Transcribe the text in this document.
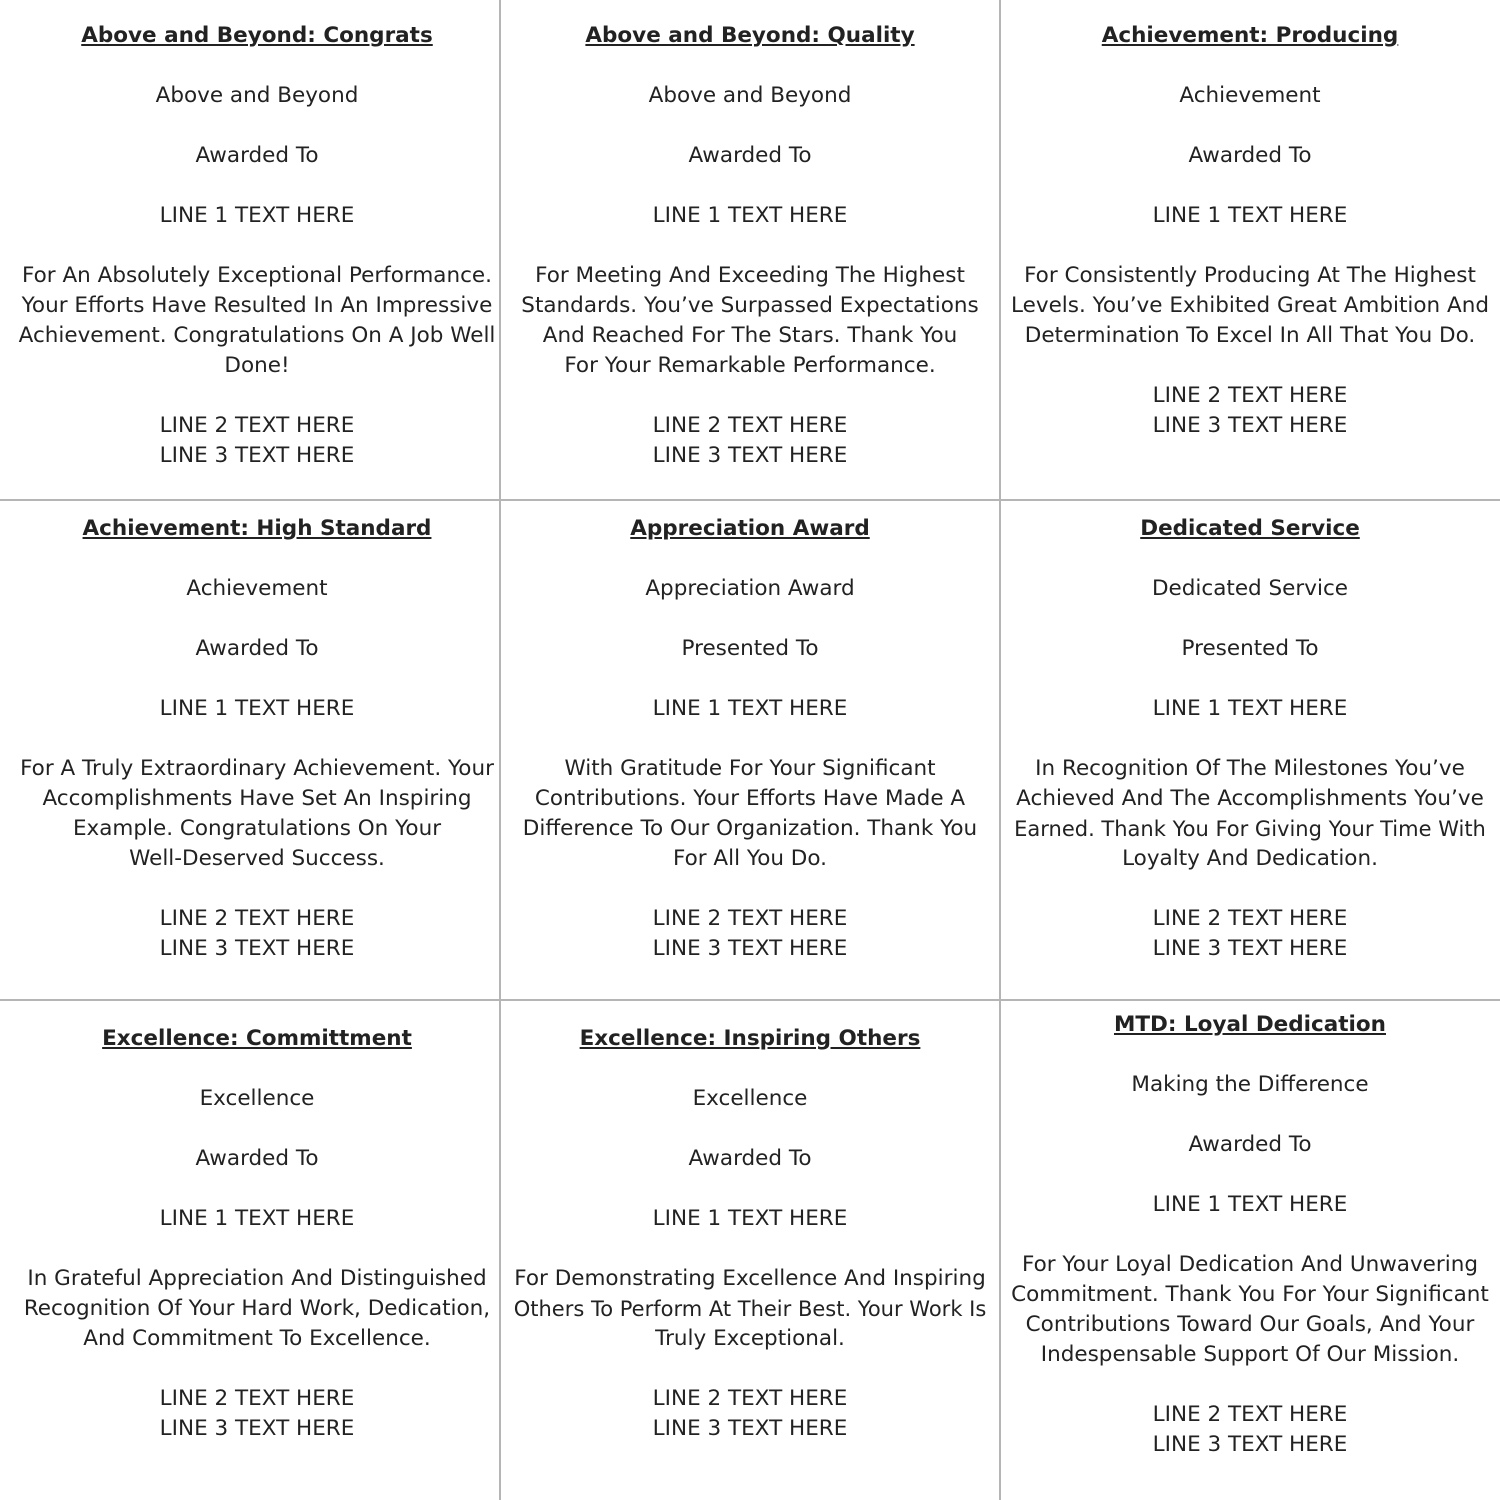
Above and Beyond: Congrats

Above and Beyond

Awarded To

LINE 1 TEXT HERE

For An Absolutely Exceptional Performance.
Your Efforts Have Resulted In An Impressive
Achievement. Congratulations On A Job Well
Done!

LINE 2 TEXT HERE

LINE 3 TEXT HERE

Above and Beyond: Quality

Above and Beyond

Awarded To

LINE 1 TEXT HERE

For Meeting And Exceeding The Highest
Standards. You’ve Surpassed Expectations
And Reached For The Stars. Thank You
For Your Remarkable Performance.

LINE 2 TEXT HERE

LINE 3 TEXT HERE

Achievement: Producing

Achievement

Awarded To

LINE 1 TEXT HERE

For Consistently Producing At The Highest
Levels. You’ve Exhibited Great Ambition And
Determination To Excel In All That You Do.

LINE 2 TEXT HERE

LINE 3 TEXT HERE

Achievement: High Standard

Achievement

Awarded To

LINE 1 TEXT HERE

For A Truly Extraordinary Achievement. Your
Accomplishments Have Set An Inspiring
Example. Congratulations On Your
Well-Deserved Success.

LINE 2 TEXT HERE

LINE 3 TEXT HERE

Appreciation Award

Appreciation Award

Presented To

LINE 1 TEXT HERE

With Gratitude For Your Significant
Contributions. Your Efforts Have Made A
Difference To Our Organization. Thank You
For All You Do.

LINE 2 TEXT HERE

LINE 3 TEXT HERE

Dedicated Service

Dedicated Service

Presented To

LINE 1 TEXT HERE

In Recognition Of The Milestones You’ve
Achieved And The Accomplishments You’ve
Earned. Thank You For Giving Your Time With
Loyalty And Dedication.

LINE 2 TEXT HERE

LINE 3 TEXT HERE

Excellence: Committment

Excellence

Awarded To

LINE 1 TEXT HERE

In Grateful Appreciation And Distinguished
Recognition Of Your Hard Work, Dedication,
And Commitment To Excellence.

LINE 2 TEXT HERE

LINE 3 TEXT HERE

Excellence: Inspiring Others

Excellence

Awarded To

LINE 1 TEXT HERE

For Demonstrating Excellence And Inspiring
Others To Perform At Their Best. Your Work Is
Truly Exceptional.

LINE 2 TEXT HERE

LINE 3 TEXT HERE

MTD: Loyal Dedication

Making the Difference

Awarded To

LINE 1 TEXT HERE

For Your Loyal Dedication And Unwavering
Commitment. Thank You For Your Significant
Contributions Toward Our Goals, And Your
Indespensable Support Of Our Mission.

LINE 2 TEXT HERE

LINE 3 TEXT HERE
